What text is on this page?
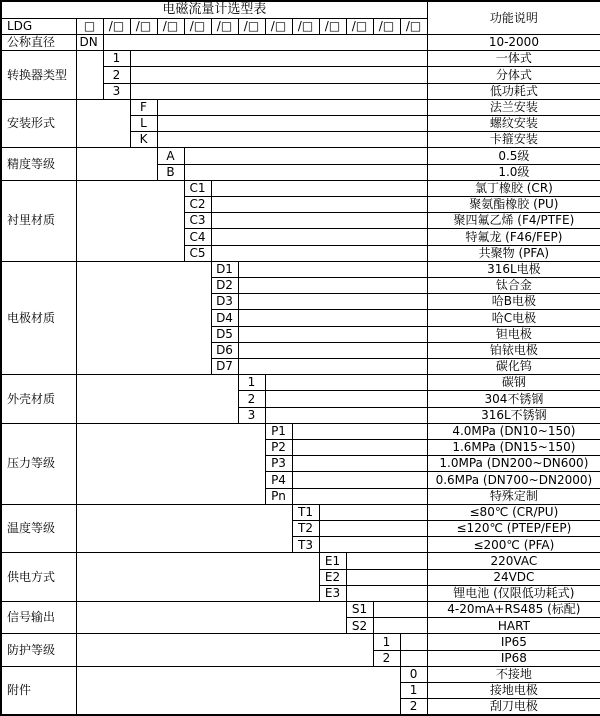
电磁流量计选型表														功能说明
LDG	□	/□	/□	/□	/□	/□	/□	/□	/□	/□	/□	/□	/□	
公称直径	DN													10-2000
转换器类型		1												一体式
		2												分体式
		3												低功耗式
安装形式			F											法兰安装
			L											螺纹安装
			K											卡箍安装
精度等级				A										0.5级
				B										1.0级
衬里材质					C1									氯丁橡胶 (CR)
					C2									聚氨酯橡胶 (PU)
					C3									聚四氟乙烯 (F4/PTFE)
					C4									特氟龙 (F46/FEP)
					C5									共聚物 (PFA)
电极材质						D1								316L电极
						D2								钛合金
						D3								哈B电极
						D4								哈C电极
						D5								钽电极
						D6								铂铱电极
						D7								碳化钨
外壳材质							1							碳钢
							2							304不锈钢
							3							316L不锈钢
压力等级								P1						4.0MPa (DN10~150)
								P2						1.6MPa (DN15~150)
								P3						1.0MPa (DN200~DN600)
								P4						0.6MPa (DN700~DN2000)
								Pn						特殊定制
温度等级									T1					≤80℃ (CR/PU)
									T2					≤120℃ (PTEP/FEP)
									T3					≤200℃ (PFA)
供电方式										E1				220VAC
										E2				24VDC
										E3				锂电池 (仅限低功耗式)
信号输出											S1			4-20mA+RS485 (标配)
											S2			HART
防护等级												1		IP65
												2		IP68
附件													0	不接地
													1	接地电极
													2	刮刀电极
